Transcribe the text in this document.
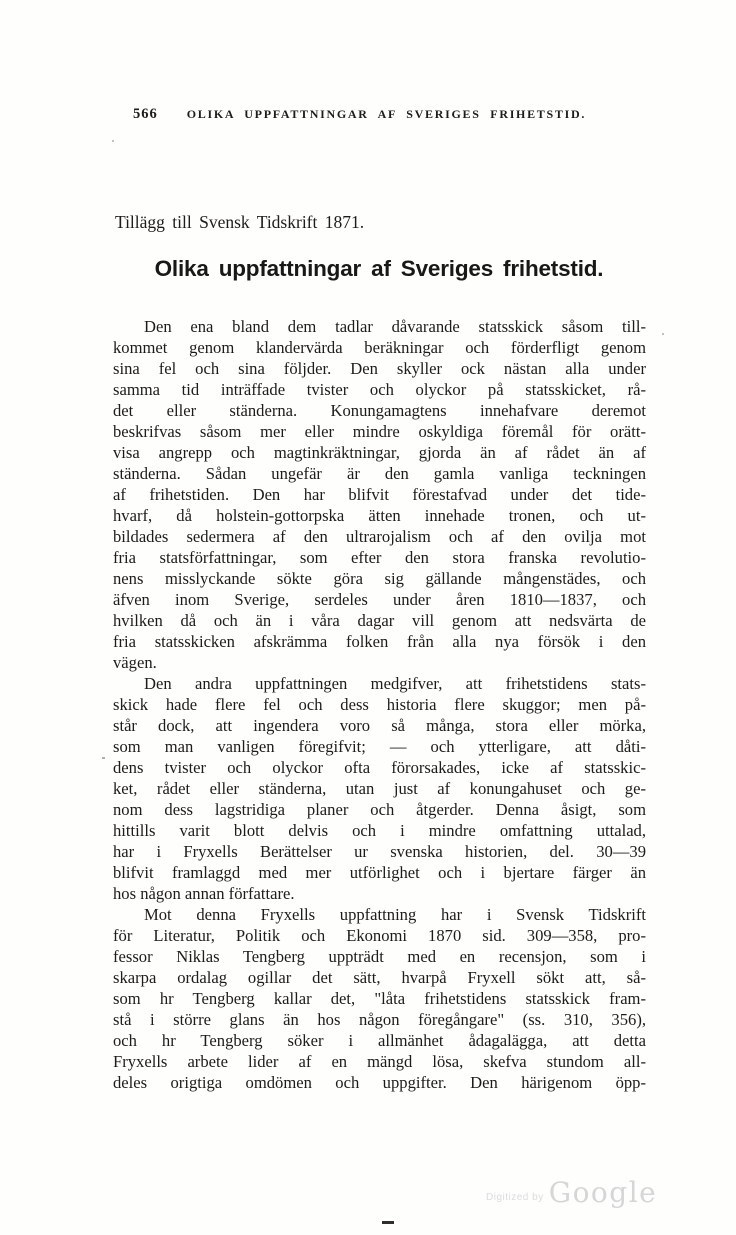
566 OLIKA UPPFATTNINGAR AF SVERIGES FRIHETSTID.
Tillägg till Svensk Tidskrift 1871.
Olika uppfattningar af Sveriges frihetstid.
Den ena bland dem tadlar dåvarande statsskick såsom till-
kommet genom klandervärda beräkningar och förderfligt genom
sina fel och sina följder. Den skyller ock nästan alla under
samma tid inträffade tvister och olyckor på statsskicket, rå-
det eller ständerna. Konungamagtens innehafvare deremot
beskrifvas såsom mer eller mindre oskyldiga föremål för orätt-
visa angrepp och magtinkräktningar, gjorda än af rådet än af
ständerna. Sådan ungefär är den gamla vanliga teckningen
af frihetstiden. Den har blifvit förestafvad under det tide-
hvarf, då holstein-gottorpska ätten innehade tronen, och ut-
bildades sedermera af den ultrarojalism och af den ovilja mot
fria statsförfattningar, som efter den stora franska revolutio-
nens misslyckande sökte göra sig gällande mångenstädes, och
äfven inom Sverige, serdeles under åren 1810—1837, och
hvilken då och än i våra dagar vill genom att nedsvärta de
fria statsskicken afskrämma folken från alla nya försök i den
vägen.
Den andra uppfattningen medgifver, att frihetstidens stats-
skick hade flere fel och dess historia flere skuggor; men på-
står dock, att ingendera voro så många, stora eller mörka,
som man vanligen föregifvit; — och ytterligare, att dåti-
dens tvister och olyckor ofta förorsakades, icke af statsskic-
ket, rådet eller ständerna, utan just af konungahuset och ge-
nom dess lagstridiga planer och åtgerder. Denna åsigt, som
hittills varit blott delvis och i mindre omfattning uttalad,
har i Fryxells Berättelser ur svenska historien, del. 30—39
blifvit framlaggd med mer utförlighet och i bjertare färger än
hos någon annan författare.
Mot denna Fryxells uppfattning har i Svensk Tidskrift
för Literatur, Politik och Ekonomi 1870 sid. 309—358, pro-
fessor Niklas Tengberg uppträdt med en recensjon, som i
skarpa ordalag ogillar det sätt, hvarpå Fryxell sökt att, så-
som hr Tengberg kallar det, "låta frihetstidens statsskick fram-
stå i större glans än hos någon föregångare" (ss. 310, 356),
och hr Tengberg söker i allmänhet ådagalägga, att detta
Fryxells arbete lider af en mängd lösa, skefva stundom all-
deles origtiga omdömen och uppgifter. Den härigenom öpp-
Digitized by Google
